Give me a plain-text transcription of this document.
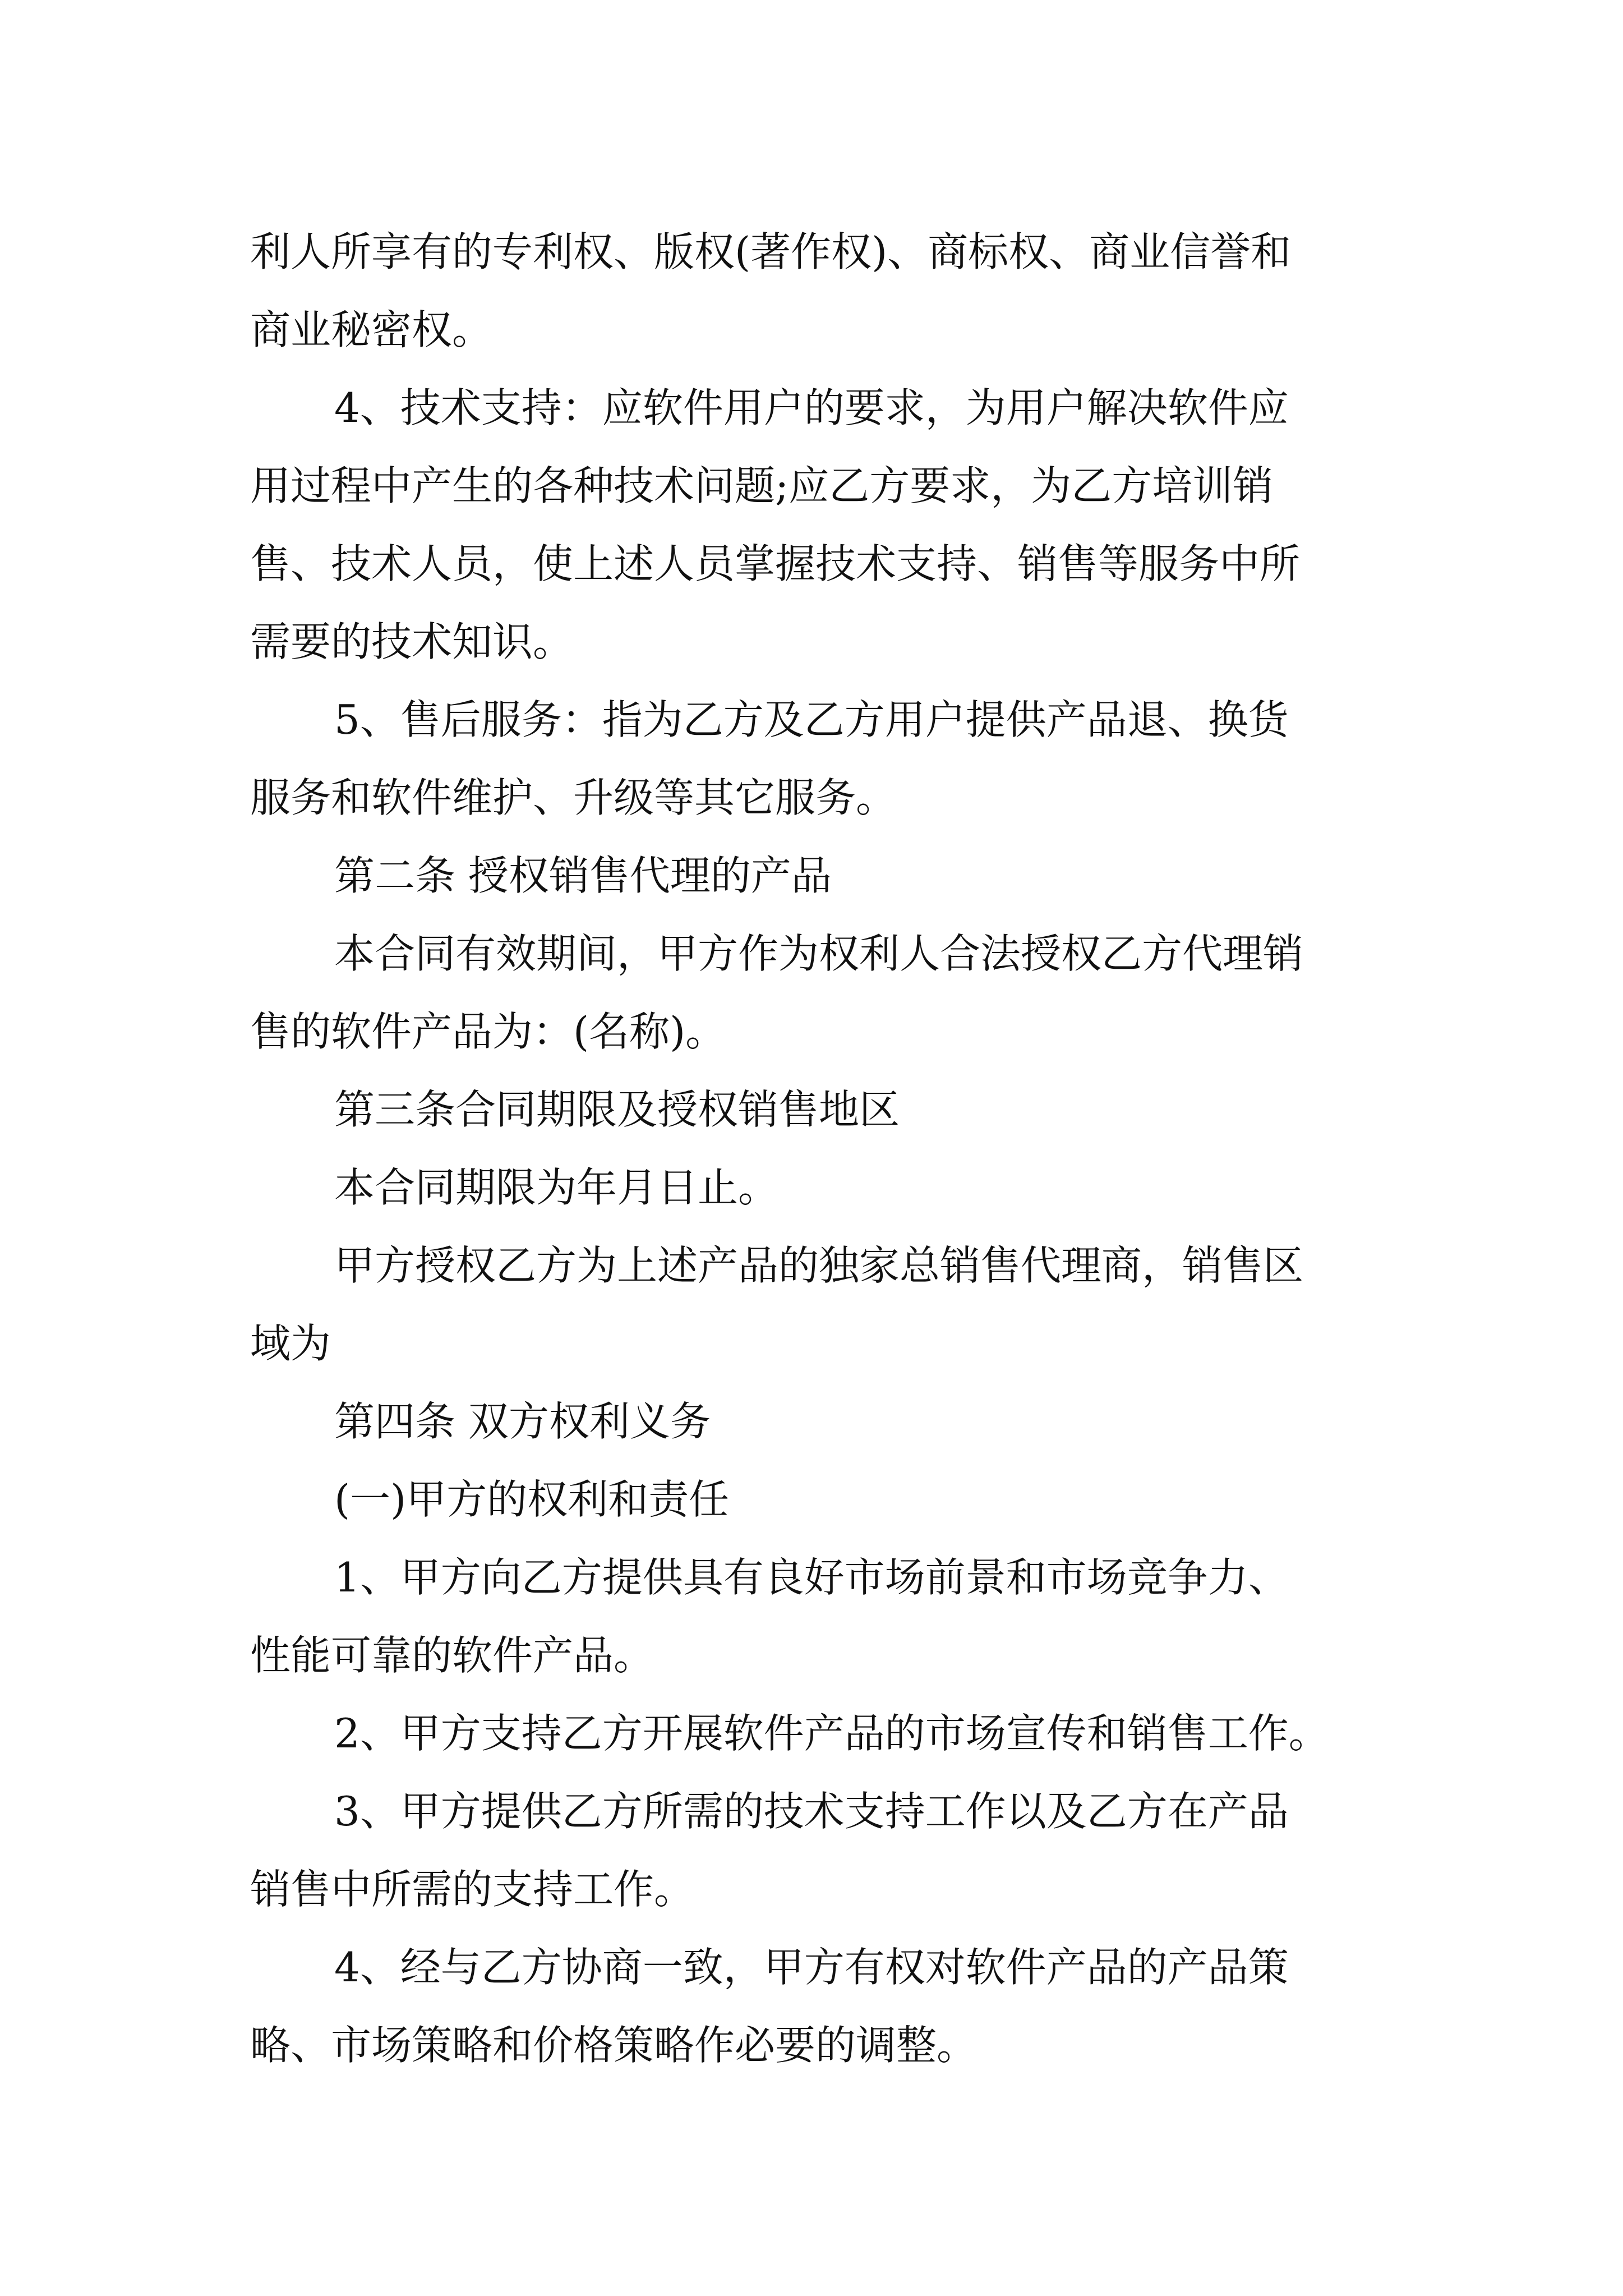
利人所享有的专利权、版权(著作权)、商标权、商业信誉和
商业秘密权。

4、技术支持：应软件用户的要求，为用户解决软件应
用过程中产生的各种技术问题;应乙方要求，为乙方培训销
售、技术人员，使上述人员掌握技术支持、销售等服务中所
需要的技术知识。

5、售后服务：指为乙方及乙方用户提供产品退、换货
服务和软件维护、升级等其它服务。

第二条 授权销售代理的产品

本合同有效期间，甲方作为权利人合法授权乙方代理销
售的软件产品为：(名称)。

第三条合同期限及授权销售地区

本合同期限为年月日止。

甲方授权乙方为上述产品的独家总销售代理商，销售区
域为

第四条 双方权利义务

(一)甲方的权利和责任

1、甲方向乙方提供具有良好市场前景和市场竞争力、
性能可靠的软件产品。

2、甲方支持乙方开展软件产品的市场宣传和销售工作。

3、甲方提供乙方所需的技术支持工作以及乙方在产品
销售中所需的支持工作。

4、经与乙方协商一致，甲方有权对软件产品的产品策
略、市场策略和价格策略作必要的调整。
